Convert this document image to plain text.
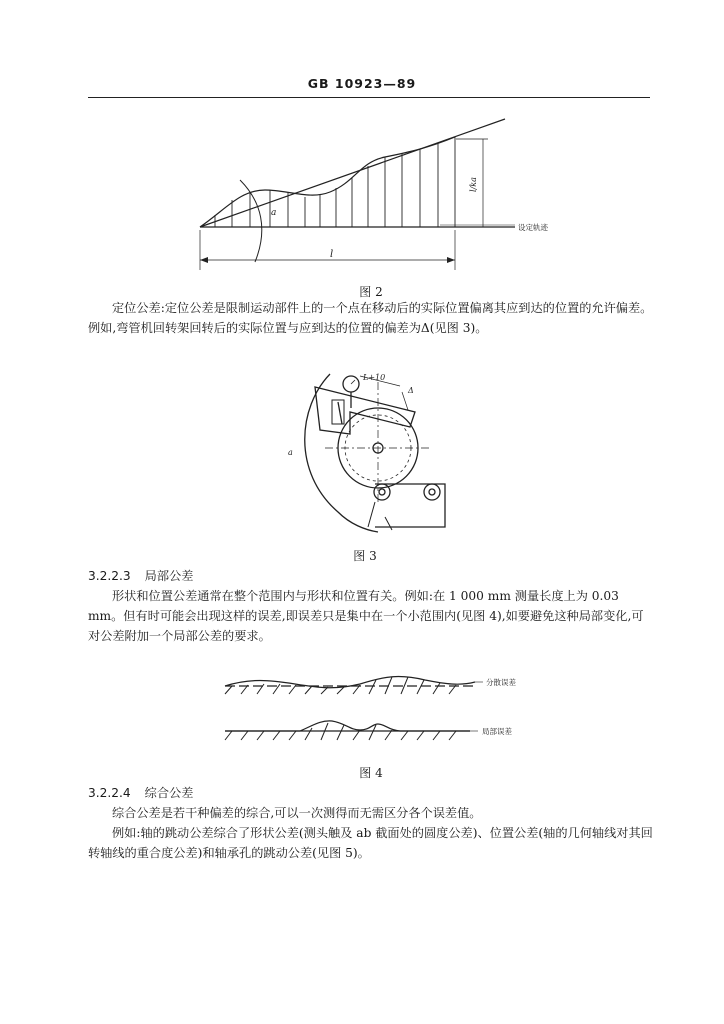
GB 10923—89
a
l
l/ka
设定轨迹
图 2
定位公差:定位公差是限制运动部件上的一个点在移动后的实际位置偏离其应到达的位置的允许偏差。例如,弯管机回转架回转后的实际位置与应到达的位置的偏差为Δ(见图 3)。
L+10
Δ
a
图 3
3.2.2.3 局部公差
形状和位置公差通常在整个范围内与形状和位置有关。例如:在 1 000 mm 测量长度上为 0.03 mm。但有时可能会出现这样的误差,即误差只是集中在一个小范围内(见图 4),如要避免这种局部变化,可对公差附加一个局部公差的要求。
分散误差
局部误差
图 4
3.2.2.4 综合公差
综合公差是若干种偏差的综合,可以一次测得而无需区分各个误差值。
例如:轴的跳动公差综合了形状公差(测头触及 ab 截面处的圆度公差)、位置公差(轴的几何轴线对其回转轴线的重合度公差)和轴承孔的跳动公差(见图 5)。
